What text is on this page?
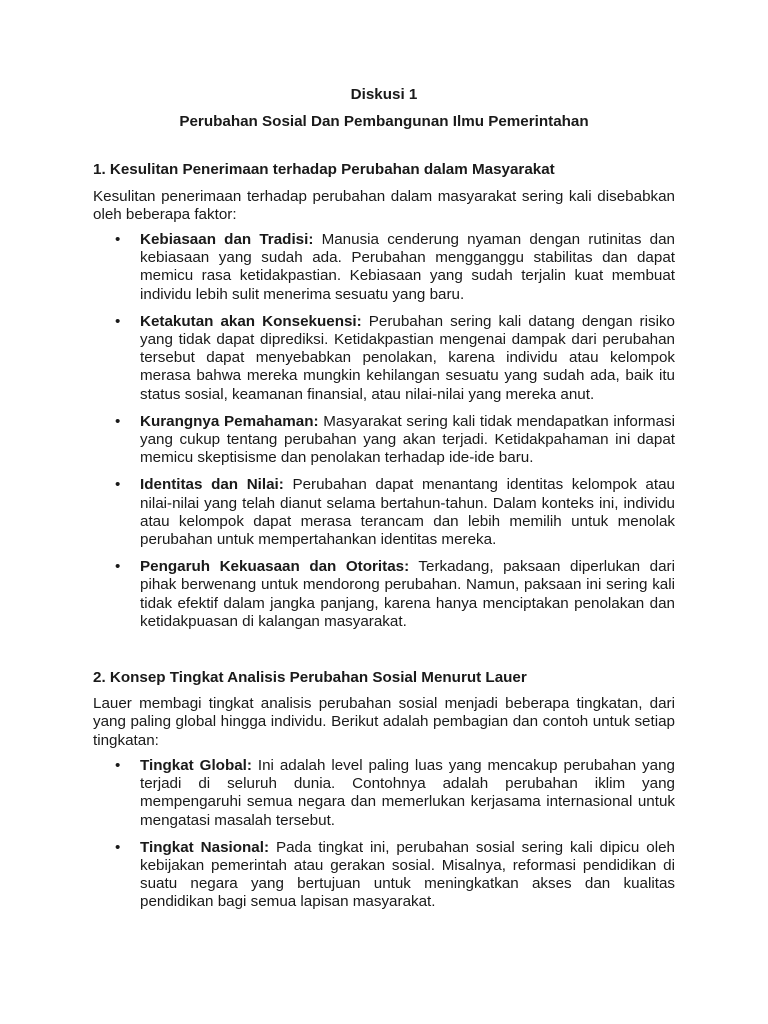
Diskusi 1
Perubahan Sosial Dan Pembangunan Ilmu Pemerintahan
1. Kesulitan Penerimaan terhadap Perubahan dalam Masyarakat
Kesulitan penerimaan terhadap perubahan dalam masyarakat sering kali disebabkan oleh beberapa faktor:
• Kebiasaan dan Tradisi: Manusia cenderung nyaman dengan rutinitas dan kebiasaan yang sudah ada. Perubahan mengganggu stabilitas dan dapat memicu rasa ketidakpastian. Kebiasaan yang sudah terjalin kuat membuat individu lebih sulit menerima sesuatu yang baru.
• Ketakutan akan Konsekuensi: Perubahan sering kali datang dengan risiko yang tidak dapat diprediksi. Ketidakpastian mengenai dampak dari perubahan tersebut dapat menyebabkan penolakan, karena individu atau kelompok merasa bahwa mereka mungkin kehilangan sesuatu yang sudah ada, baik itu status sosial, keamanan finansial, atau nilai-nilai yang mereka anut.
• Kurangnya Pemahaman: Masyarakat sering kali tidak mendapatkan informasi yang cukup tentang perubahan yang akan terjadi. Ketidakpahaman ini dapat memicu skeptisisme dan penolakan terhadap ide-ide baru.
• Identitas dan Nilai: Perubahan dapat menantang identitas kelompok atau nilai-nilai yang telah dianut selama bertahun-tahun. Dalam konteks ini, individu atau kelompok dapat merasa terancam dan lebih memilih untuk menolak perubahan untuk mempertahankan identitas mereka.
• Pengaruh Kekuasaan dan Otoritas: Terkadang, paksaan diperlukan dari pihak berwenang untuk mendorong perubahan. Namun, paksaan ini sering kali tidak efektif dalam jangka panjang, karena hanya menciptakan penolakan dan ketidakpuasan di kalangan masyarakat.
2. Konsep Tingkat Analisis Perubahan Sosial Menurut Lauer
Lauer membagi tingkat analisis perubahan sosial menjadi beberapa tingkatan, dari yang paling global hingga individu. Berikut adalah pembagian dan contoh untuk setiap tingkatan:
• Tingkat Global: Ini adalah level paling luas yang mencakup perubahan yang terjadi di seluruh dunia. Contohnya adalah perubahan iklim yang mempengaruhi semua negara dan memerlukan kerjasama internasional untuk mengatasi masalah tersebut.
• Tingkat Nasional: Pada tingkat ini, perubahan sosial sering kali dipicu oleh kebijakan pemerintah atau gerakan sosial. Misalnya, reformasi pendidikan di suatu negara yang bertujuan untuk meningkatkan akses dan kualitas pendidikan bagi semua lapisan masyarakat.
